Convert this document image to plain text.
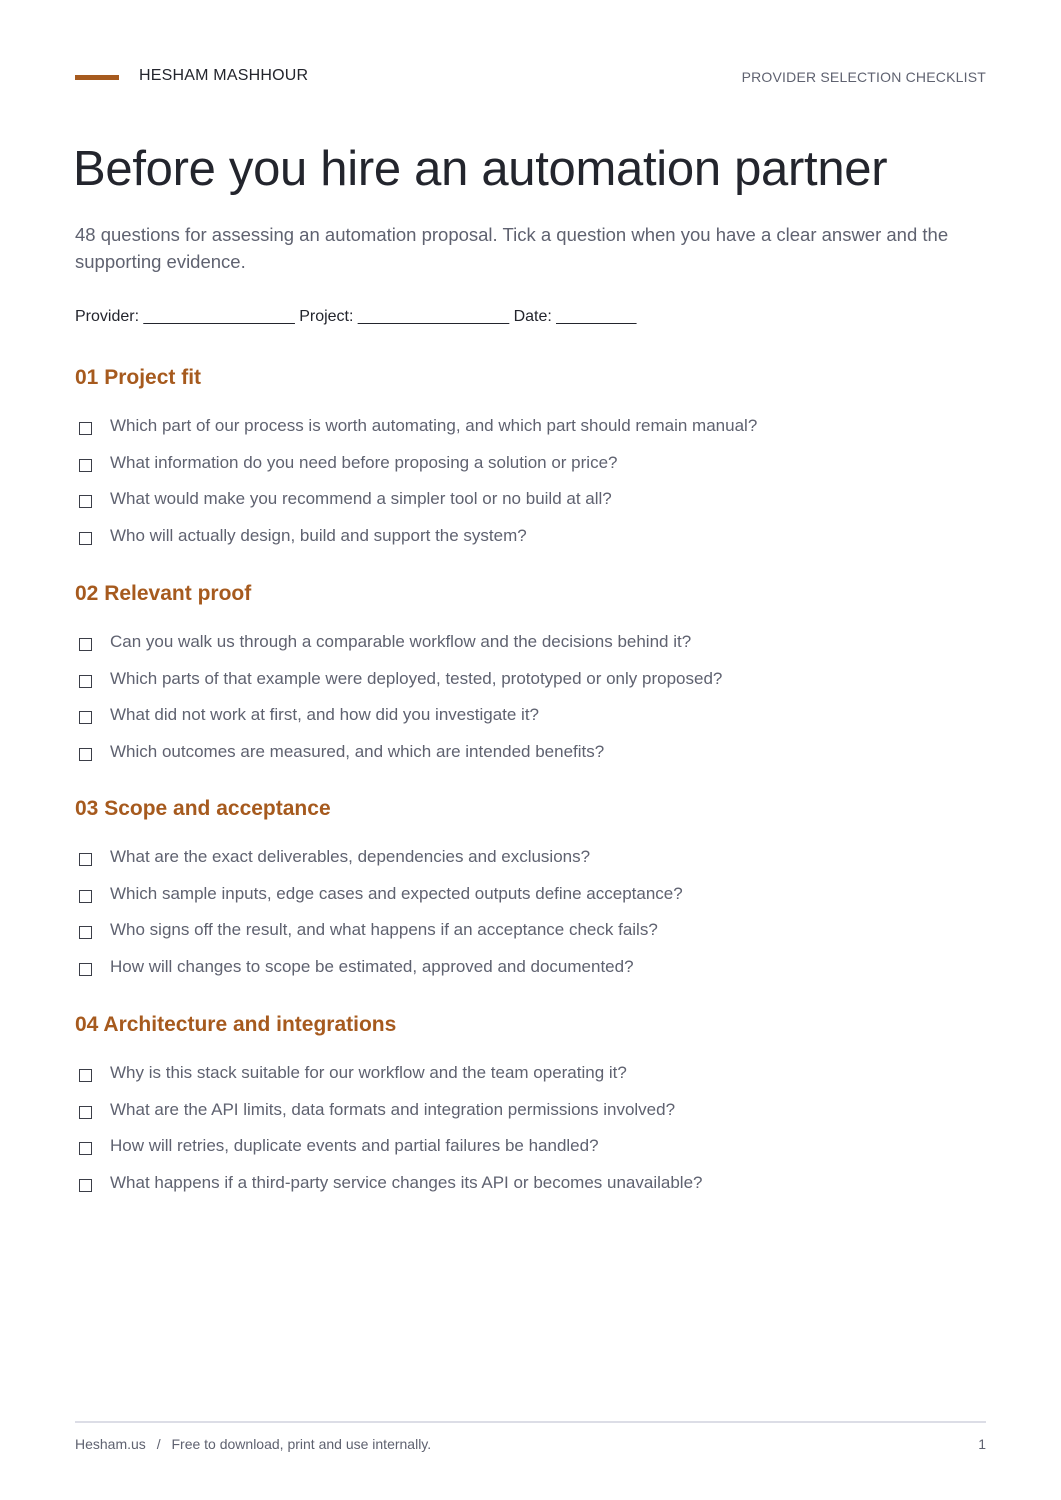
HESHAM MASHHOUR	PROVIDER SELECTION CHECKLIST
Before you hire an automation partner

48 questions for assessing an automation proposal. Tick a question when you have a clear answer and the supporting evidence.

Provider: _________________ Project: _________________ Date: _________
01 Project fit
Which part of our process is worth automating, and which part should remain manual?
What information do you need before proposing a solution or price?
What would make you recommend a simpler tool or no build at all?
Who will actually design, build and support the system?
02 Relevant proof
Can you walk us through a comparable workflow and the decisions behind it?
Which parts of that example were deployed, tested, prototyped or only proposed?
What did not work at first, and how did you investigate it?
Which outcomes are measured, and which are intended benefits?
03 Scope and acceptance
What are the exact deliverables, dependencies and exclusions?
Which sample inputs, edge cases and expected outputs define acceptance?
Who signs off the result, and what happens if an acceptance check fails?
How will changes to scope be estimated, approved and documented?
04 Architecture and integrations
Why is this stack suitable for our workflow and the team operating it?
What are the API limits, data formats and integration permissions involved?
How will retries, duplicate events and partial failures be handled?
What happens if a third-party service changes its API or becomes unavailable?
Hesham.us / Free to download, print and use internally.	1
